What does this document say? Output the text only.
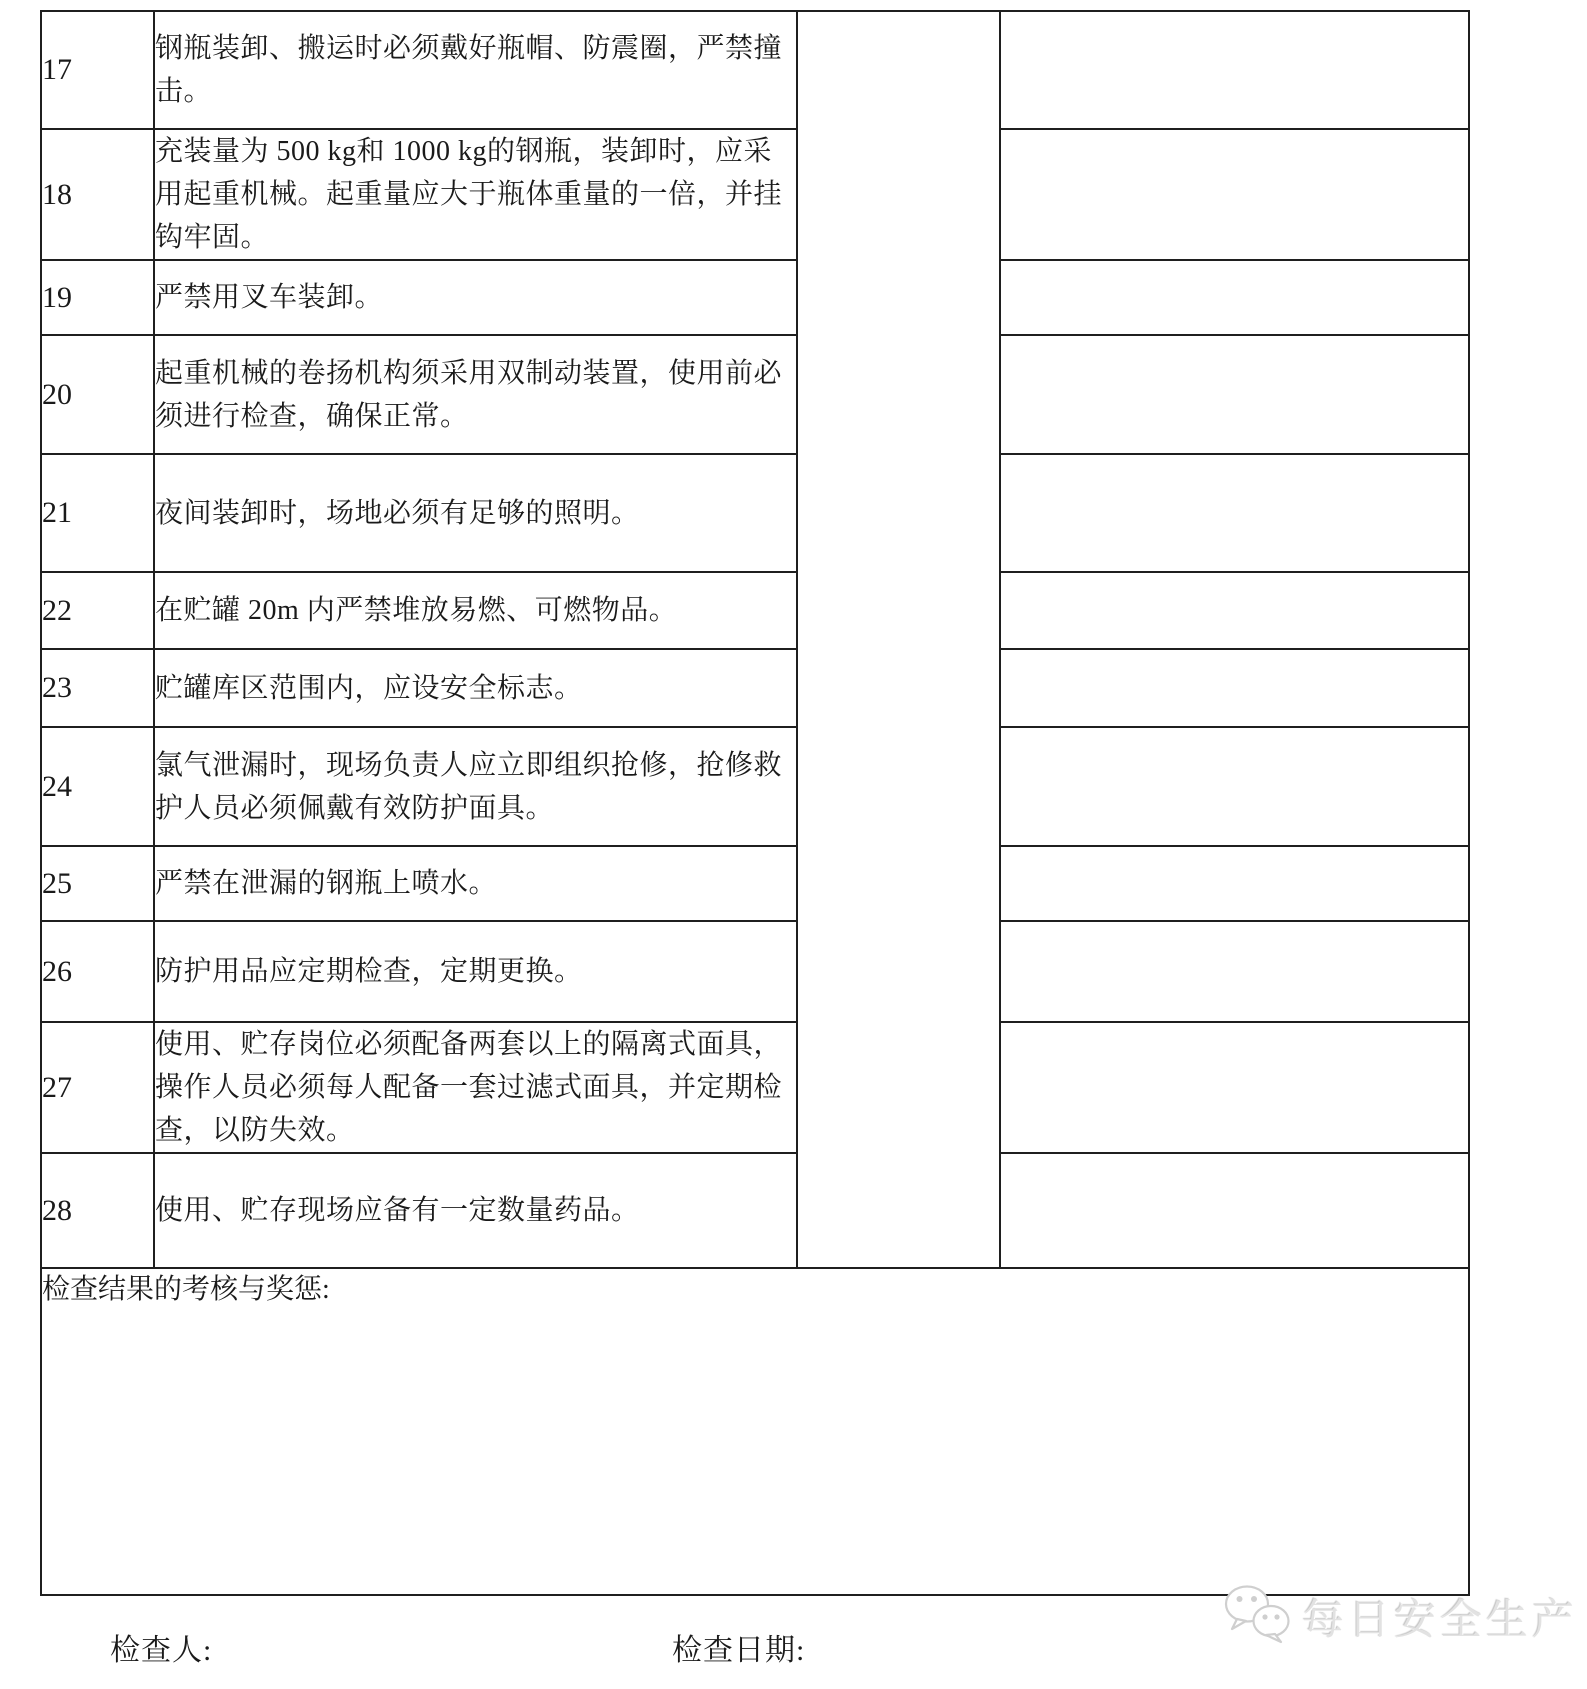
17	钢瓶装卸、搬运时必须戴好瓶帽、防震圈，严禁撞击。		
18	充装量为 500 kg和 1000 kg的钢瓶，装卸时，应采用起重机械。起重量应大于瓶体重量的一倍，并挂钩牢固。		
19	严禁用叉车装卸。		
20	起重机械的卷扬机构须采用双制动装置，使用前必须进行检查，确保正常。		
21	夜间装卸时，场地必须有足够的照明。		
22	在贮罐 20m 内严禁堆放易燃、可燃物品。		
23	贮罐库区范围内，应设安全标志。		
24	氯气泄漏时，现场负责人应立即组织抢修，抢修救护人员必须佩戴有效防护面具。		
25	严禁在泄漏的钢瓶上喷水。		
26	防护用品应定期检查，定期更换。		
27	使用、贮存岗位必须配备两套以上的隔离式面具，操作人员必须每人配备一套过滤式面具，并定期检查，以防失效。		
28	使用、贮存现场应备有一定数量药品。		
检查结果的考核与奖惩:			
检查人:	检查日期:
每日安全生产
